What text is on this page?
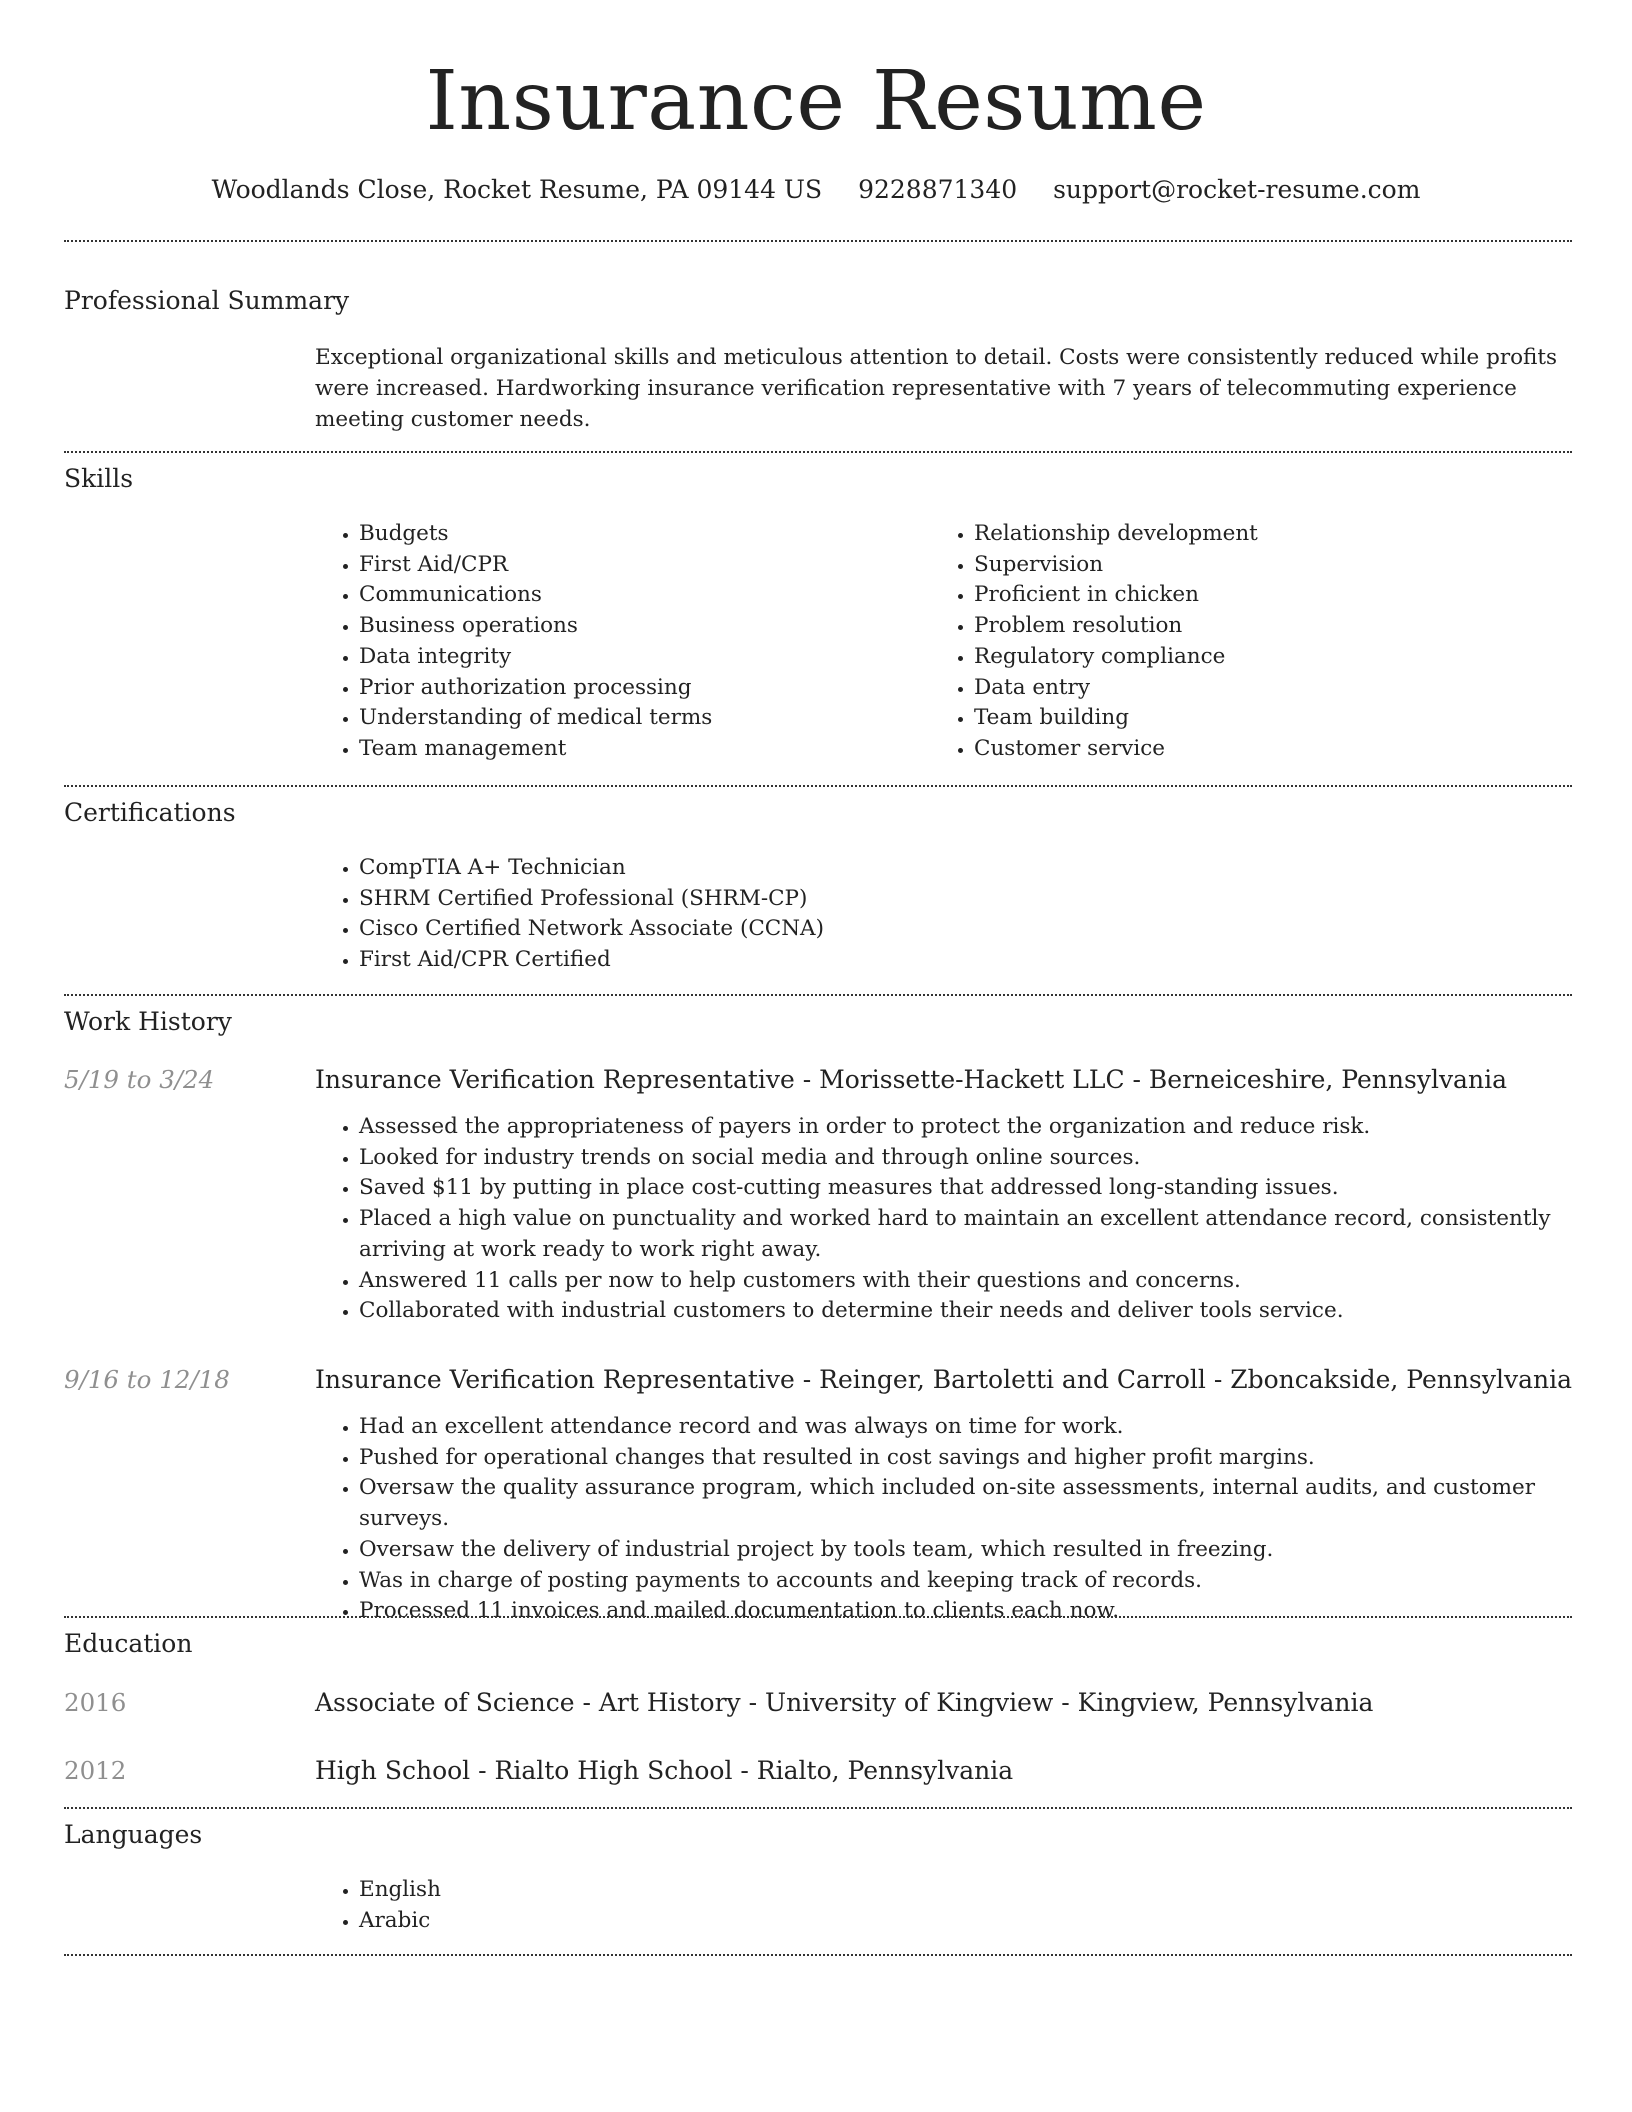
Insurance Resume
Woodlands Close, Rocket Resume, PA 09144 US 9228871340 support@rocket-resume.com
Professional Summary

Exceptional organizational skills and meticulous attention to detail. Costs were consistently reduced while profits were increased. Hardworking insurance verification representative with 7 years of telecommuting experience meeting customer needs.

Skills
• Budgets
• First Aid/CPR
• Communications
• Business operations
• Data integrity
• Prior authorization processing
• Understanding of medical terms
• Team management
• Relationship development
• Supervision
• Proficient in chicken
• Problem resolution
• Regulatory compliance
• Data entry
• Team building
• Customer service
Certifications
• CompTIA A+ Technician
• SHRM Certified Professional (SHRM-CP)
• Cisco Certified Network Associate (CCNA)
• First Aid/CPR Certified
Work History
5/19 to 3/24	Insurance Verification Representative - Morissette-Hackett LLC - Berneiceshire, Pennsylvania
• Assessed the appropriateness of payers in order to protect the organization and reduce risk.
• Looked for industry trends on social media and through online sources.
• Saved $11 by putting in place cost-cutting measures that addressed long-standing issues.
• Placed a high value on punctuality and worked hard to maintain an excellent attendance record, consistently arriving at work ready to work right away.
• Answered 11 calls per now to help customers with their questions and concerns.
• Collaborated with industrial customers to determine their needs and deliver tools service.
9/16 to 12/18	Insurance Verification Representative - Reinger, Bartoletti and Carroll - Zboncakside, Pennsylvania
• Had an excellent attendance record and was always on time for work.
• Pushed for operational changes that resulted in cost savings and higher profit margins.
• Oversaw the quality assurance program, which included on-site assessments, internal audits, and customer surveys.
• Oversaw the delivery of industrial project by tools team, which resulted in freezing.
• Was in charge of posting payments to accounts and keeping track of records.
• Processed 11 invoices and mailed documentation to clients each now.
Education
2016	Associate of Science - Art History - University of Kingview - Kingview, Pennsylvania
2012	High School - Rialto High School - Rialto, Pennsylvania
Languages
• English
• Arabic
